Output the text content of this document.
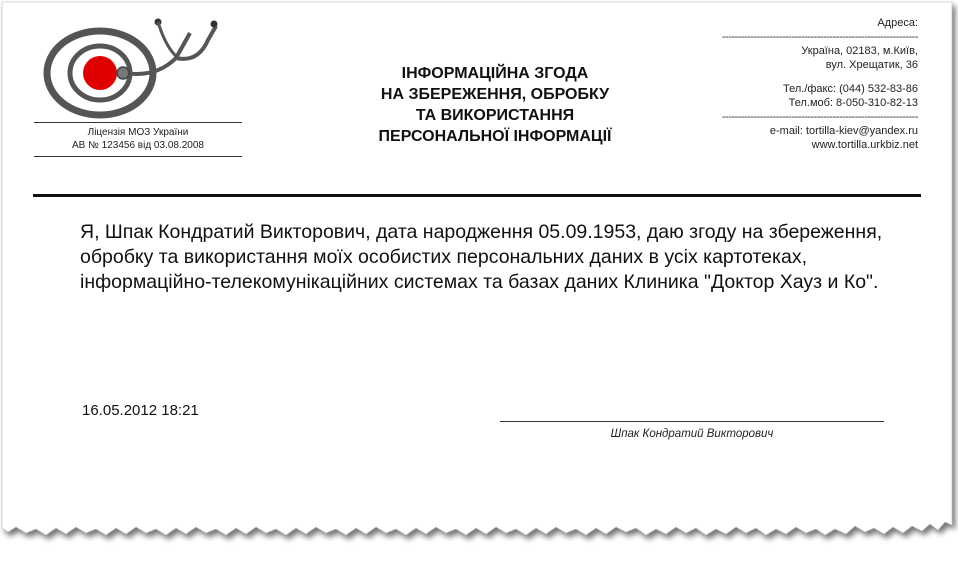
Ліцензія МОЗ України
АВ № 123456 від 03.08.2008
ІНФОРМАЦІЙНА ЗГОДА
НА ЗБЕРЕЖЕННЯ, ОБРОБКУ
ТА ВИКОРИСТАННЯ
ПЕРСОНАЛЬНОЇ ІНФОРМАЦІЇ
Адреса:
--------------------------------------------------------------
Україна, 02183, м.Київ,
вул. Хрещатик, 36
Тел./факс: (044) 532-83-86
Тел.моб: 8-050-310-82-13
--------------------------------------------------------------
e-mail: tortilla-kiev@yandex.ru
www.tortilla.urkbiz.net
Я, Шпак Кондратий Викторович, дата народження 05.09.1953, даю згоду на збереження, обробку та використання моїх особистих персональних даних в усіх картотеках, інформаційно-телекомунікаційних системах та базах даних Клиника "Доктор Хауз и Ко".
16.05.2012 18:21
Шпак Кондратий Викторович
